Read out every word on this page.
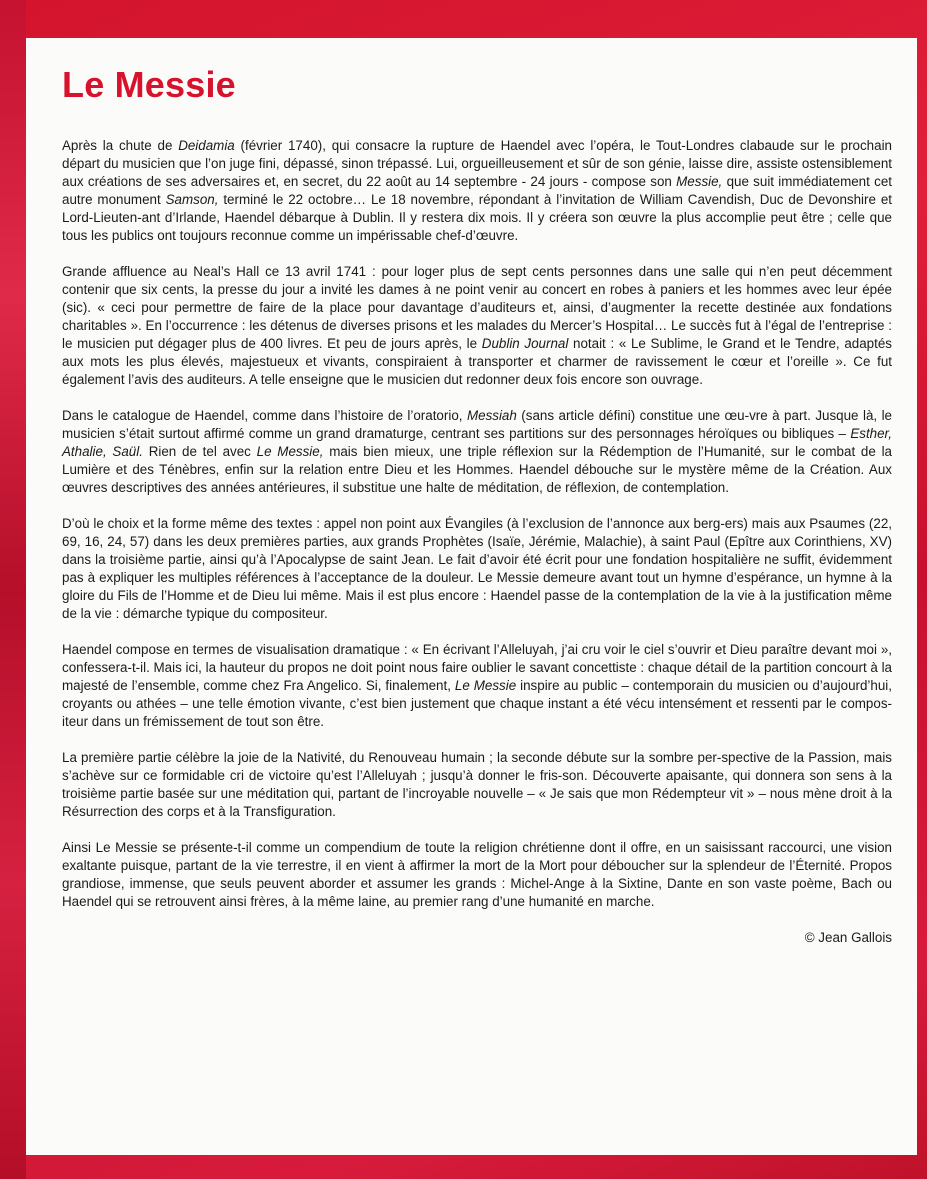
Le Messie

Après la chute de Deidamia (février 1740), qui consacre la rupture de Haendel avec l’opéra, le Tout-Londres clabaude sur le prochain départ du musicien que l’on juge fini, dépassé, sinon trépassé. Lui, orgueilleusement et sûr de son génie, laisse dire, assiste ostensiblement aux créations de ses adversaires et, en secret, du 22 août au 14 septembre - 24 jours - compose son Messie, que suit immédiatement cet autre monument Samson, terminé le 22 octobre… Le 18 novembre, répondant à l’invitation de William Cavendish, Duc de Devonshire et Lord-Lieuten-ant d’Irlande, Haendel débarque à Dublin. Il y restera dix mois. Il y créera son œuvre la plus accomplie peut être ; celle que tous les publics ont toujours reconnue comme un impérissable chef-d’œuvre.

Grande affluence au Neal’s Hall ce 13 avril 1741 : pour loger plus de sept cents personnes dans une salle qui n’en peut décemment contenir que six cents, la presse du jour a invité les dames à ne point venir au concert en robes à paniers et les hommes avec leur épée (sic). « ceci pour permettre de faire de la place pour davantage d’auditeurs et, ainsi, d’augmenter la recette destinée aux fondations charitables ». En l’occurrence : les détenus de diverses prisons et les malades du Mercer’s Hospital… Le succès fut à l’égal de l’entreprise : le musicien put dégager plus de 400 livres. Et peu de jours après, le Dublin Journal notait : « Le Sublime, le Grand et le Tendre, adaptés aux mots les plus élevés, majestueux et vivants, conspiraient à transporter et charmer de ravissement le cœur et l’oreille ». Ce fut également l’avis des auditeurs. A telle enseigne que le musicien dut redonner deux fois encore son ouvrage.

Dans le catalogue de Haendel, comme dans l’histoire de l’oratorio, Messiah (sans article défini) constitue une œu-vre à part. Jusque là, le musicien s’était surtout affirmé comme un grand dramaturge, centrant ses partitions sur des personnages héroïques ou bibliques – Esther, Athalie, Saül. Rien de tel avec Le Messie, mais bien mieux, une triple réflexion sur la Rédemption de l’Humanité, sur le combat de la Lumière et des Ténèbres, enfin sur la relation entre Dieu et les Hommes. Haendel débouche sur le mystère même de la Création. Aux œuvres descriptives des années antérieures, il substitue une halte de méditation, de réflexion, de contemplation.

D’où le choix et la forme même des textes : appel non point aux Évangiles (à l’exclusion de l’annonce aux berg-ers) mais aux Psaumes (22, 69, 16, 24, 57) dans les deux premières parties, aux grands Prophètes (Isaïe, Jérémie, Malachie), à saint Paul (Epître aux Corinthiens, XV) dans la troisième partie, ainsi qu’à l’Apocalypse de saint Jean. Le fait d’avoir été écrit pour une fondation hospitalière ne suffit, évidemment pas à expliquer les multiples références à l’acceptance de la douleur. Le Messie demeure avant tout un hymne d’espérance, un hymne à la gloire du Fils de l’Homme et de Dieu lui même. Mais il est plus encore : Haendel passe de la contemplation de la vie à la justification même de la vie : démarche typique du compositeur.

Haendel compose en termes de visualisation dramatique : « En écrivant l’Alleluyah, j’ai cru voir le ciel s’ouvrir et Dieu paraître devant moi », confessera-t-il. Mais ici, la hauteur du propos ne doit point nous faire oublier le savant concettiste : chaque détail de la partition concourt à la majesté de l’ensemble, comme chez Fra Angelico. Si, finalement, Le Messie inspire au public – contemporain du musicien ou d’aujourd’hui, croyants ou athées – une telle émotion vivante, c’est bien justement que chaque instant a été vécu intensément et ressenti par le compos-iteur dans un frémissement de tout son être.

La première partie célèbre la joie de la Nativité, du Renouveau humain ; la seconde débute sur la sombre per-spective de la Passion, mais s’achève sur ce formidable cri de victoire qu’est l’Alleluyah ; jusqu’à donner le fris-son. Découverte apaisante, qui donnera son sens à la troisième partie basée sur une méditation qui, partant de l’incroyable nouvelle – « Je sais que mon Rédempteur vit » – nous mène droit à la Résurrection des corps et à la Transfiguration.

Ainsi Le Messie se présente-t-il comme un compendium de toute la religion chrétienne dont il offre, en un saisissant raccourci, une vision exaltante puisque, partant de la vie terrestre, il en vient à affirmer la mort de la Mort pour déboucher sur la splendeur de l’Éternité. Propos grandiose, immense, que seuls peuvent aborder et assumer les grands : Michel-Ange à la Sixtine, Dante en son vaste poème, Bach ou Haendel qui se retrouvent ainsi frères, à la même laine, au premier rang d’une humanité en marche.

© Jean Gallois
